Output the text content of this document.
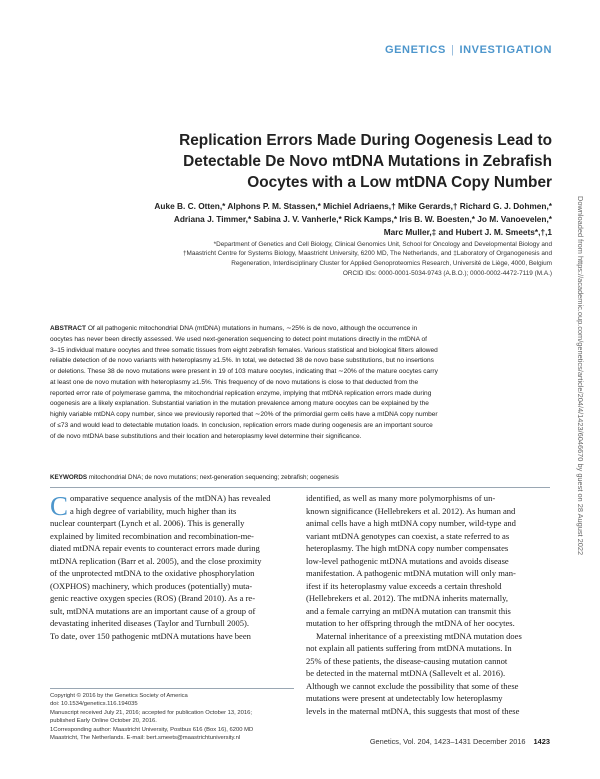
GENETICS | INVESTIGATION
Replication Errors Made During Oogenesis Lead to
Detectable De Novo mtDNA Mutations in Zebrafish
Oocytes with a Low mtDNA Copy Number
Auke B. C. Otten,* Alphons P. M. Stassen,* Michiel Adriaens,† Mike Gerards,† Richard G. J. Dohmen,*
Adriana J. Timmer,* Sabina J. V. Vanherle,* Rick Kamps,* Iris B. W. Boesten,* Jo M. Vanoevelen,*
Marc Muller,‡ and Hubert J. M. Smeets*,†,1
*Department of Genetics and Cell Biology, Clinical Genomics Unit, School for Oncology and Developmental Biology and
†Maastricht Centre for Systems Biology, Maastricht University, 6200 MD, The Netherlands, and ‡Laboratory of Organogenesis and
Regeneration, Interdisciplinary Cluster for Applied Genoproteomics Research, Université de Liège, 4000, Belgium
ORCID IDs: 0000-0001-5034-9743 (A.B.O.); 0000-0002-4472-7119 (M.A.)	Downloaded from https://academic.oup.com/genetics/article/204/4/1423/6046670 by guest on 28 August 2022
ABSTRACT Of all pathogenic mitochondrial DNA (mtDNA) mutations in humans, ∼25% is de novo, although the occurrence in
oocytes has never been directly assessed. We used next-generation sequencing to detect point mutations directly in the mtDNA of
3–15 individual mature oocytes and three somatic tissues from eight zebrafish females. Various statistical and biological filters allowed
reliable detection of de novo variants with heteroplasmy ≥1.5%. In total, we detected 38 de novo base substitutions, but no insertions
or deletions. These 38 de novo mutations were present in 19 of 103 mature oocytes, indicating that ∼20% of the mature oocytes carry
at least one de novo mutation with heteroplasmy ≥1.5%. This frequency of de novo mutations is close to that deducted from the
reported error rate of polymerase gamma, the mitochondrial replication enzyme, implying that mtDNA replication errors made during
oogenesis are a likely explanation. Substantial variation in the mutation prevalence among mature oocytes can be explained by the
highly variable mtDNA copy number, since we previously reported that ∼20% of the primordial germ cells have a mtDNA copy number
of ≤73 and would lead to detectable mutation loads. In conclusion, replication errors made during oogenesis are an important source
of de novo mtDNA base substitutions and their location and heteroplasmy level determine their significance.
KEYWORDS mitochondrial DNA; de novo mutations; next-generation sequencing; zebrafish; oogenesis
C omparative sequence analysis of the mtDNA) has revealed
a high degree of variability, much higher than its
nuclear counterpart (Lynch et al. 2006). This is generally
explained by limited recombination and recombination-me-
diated mtDNA repair events to counteract errors made during
mtDNA replication (Barr et al. 2005), and the close proximity
of the unprotected mtDNA to the oxidative phosphorylation
(OXPHOS) machinery, which produces (potentially) muta-
genic reactive oxygen species (ROS) (Brand 2010). As a re-
sult, mtDNA mutations are an important cause of a group of
devastating inherited diseases (Taylor and Turnbull 2005).
To date, over 150 pathogenic mtDNA mutations have been
identified, as well as many more polymorphisms of un-
known significance (Hellebrekers et al. 2012). As human and
animal cells have a high mtDNA copy number, wild-type and
variant mtDNA genotypes can coexist, a state referred to as
heteroplasmy. The high mtDNA copy number compensates
low-level pathogenic mtDNA mutations and avoids disease
manifestation. A pathogenic mtDNA mutation will only man-
ifest if its heteroplasmy value exceeds a certain threshold
(Hellebrekers et al. 2012). The mtDNA inherits maternally,
and a female carrying an mtDNA mutation can transmit this
mutation to her offspring through the mtDNA of her oocytes.
Maternal inheritance of a preexisting mtDNA mutation does
not explain all patients suffering from mtDNA mutations. In
25% of these patients, the disease-causing mutation cannot
be detected in the maternal mtDNA (Sallevelt et al. 2016).
Although we cannot exclude the possibility that some of these
mutations were present at undetectably low heteroplasmy
levels in the maternal mtDNA, this suggests that most of these
Copyright © 2016 by the Genetics Society of America
doi: 10.1534/genetics.116.194035
Manuscript received July 21, 2016; accepted for publication October 13, 2016;
published Early Online October 20, 2016.
1Corresponding author: Maastricht University, Postbus 616 (Box 16), 6200 MD
Maastricht, The Netherlands. E-mail: bert.smeets@maastrichtuniversity.nl	Genetics, Vol. 204, 1423–1431 December 2016 1423
